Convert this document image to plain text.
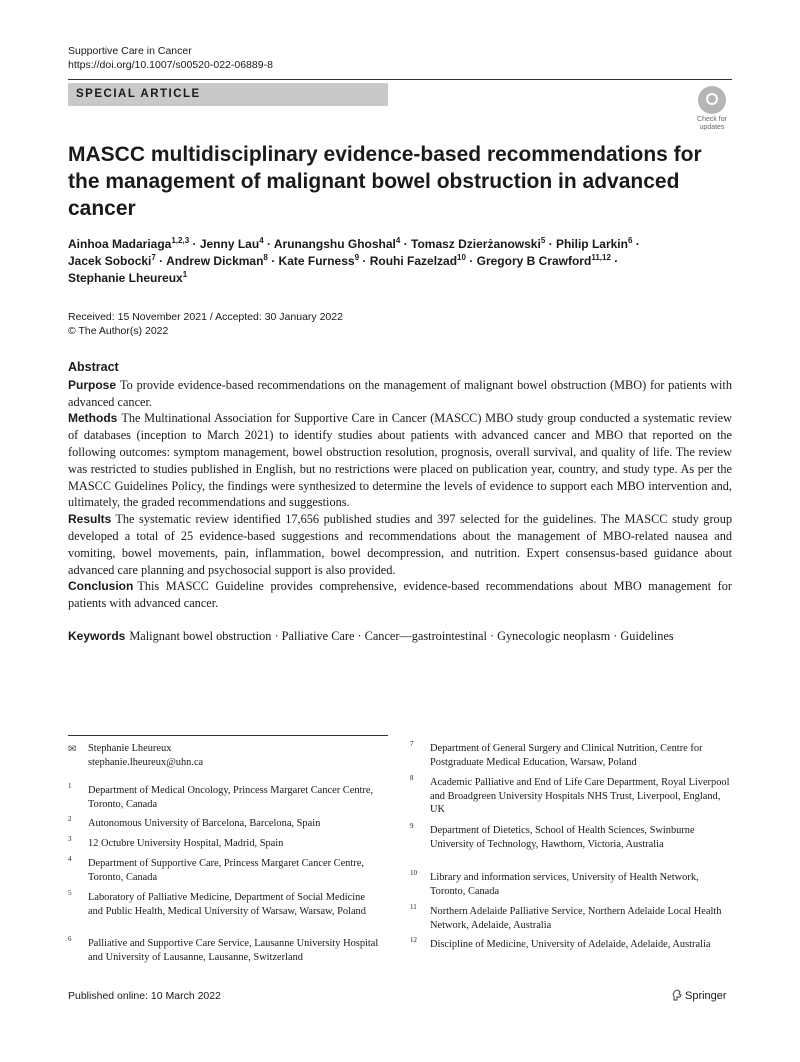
Supportive Care in Cancer
https://doi.org/10.1007/s00520-022-06889-8
SPECIAL ARTICLE
Check for updates
MASCC multidisciplinary evidence-based recommendations for the management of malignant bowel obstruction in advanced cancer
Ainhoa Madariaga$^{1,2,3}$ · Jenny Lau$^4$ · Arunangshu Ghoshal$^4$ · Tomasz Dzierżanowski$^5$ · Philip Larkin$^6$ ·
Jacek Sobocki$^7$ · Andrew Dickman$^8$ · Kate Furness$^9$ · Rouhi Fazelzad$^{10}$ · Gregory B Crawford$^{11,12}$ ·
Stephanie Lheureux$^1$
Received: 15 November 2021 / Accepted: 30 January 2022
© The Author(s) 2022
Abstract

Purpose To provide evidence-based recommendations on the management of malignant bowel obstruction (MBO) for patients with advanced cancer.

Methods The Multinational Association for Supportive Care in Cancer (MASCC) MBO study group conducted a systematic review of databases (inception to March 2021) to identify studies about patients with advanced cancer and MBO that reported on the following outcomes: symptom management, bowel obstruction resolution, prognosis, overall survival, and quality of life. The review was restricted to studies published in English, but no restrictions were placed on publication year, country, and study type. As per the MASCC Guidelines Policy, the findings were synthesized to determine the levels of evidence to support each MBO intervention and, ultimately, the graded recommendations and suggestions.

Results The systematic review identified 17,656 published studies and 397 selected for the guidelines. The MASCC study group developed a total of 25 evidence-based suggestions and recommendations about the management of MBO-related nausea and vomiting, bowel movements, pain, inflammation, bowel decompression, and nutrition. Expert consensus-based guidance about advanced care planning and psychosocial support is also provided.

Conclusion This MASCC Guideline provides comprehensive, evidence-based recommendations about MBO management for patients with advanced cancer.

Keywords Malignant bowel obstruction · Palliative Care · Cancer—gastrointestinal · Gynecologic neoplasm · Guidelines
✉ Stephanie Lheureux
stephanie.lheureux@uhn.ca
1 Department of Medical Oncology, Princess Margaret Cancer Centre, Toronto, Canada
2 Autonomous University of Barcelona, Barcelona, Spain
3 12 Octubre University Hospital, Madrid, Spain
4 Department of Supportive Care, Princess Margaret Cancer Centre, Toronto, Canada
5 Laboratory of Palliative Medicine, Department of Social Medicine and Public Health, Medical University of Warsaw, Warsaw, Poland
6 Palliative and Supportive Care Service, Lausanne University Hospital and University of Lausanne, Lausanne, Switzerland
7 Department of General Surgery and Clinical Nutrition, Centre for Postgraduate Medical Education, Warsaw, Poland
8 Academic Palliative and End of Life Care Department, Royal Liverpool and Broadgreen University Hospitals NHS Trust, Liverpool, England, UK
9 Department of Dietetics, School of Health Sciences, Swinburne University of Technology, Hawthorn, Victoria, Australia
10 Library and information services, University of Health Network, Toronto, Canada
11 Northern Adelaide Palliative Service, Northern Adelaide Local Health Network, Adelaide, Australia
12 Discipline of Medicine, University of Adelaide, Adelaide, Australia
Published online: 10 March 2022	Springer
